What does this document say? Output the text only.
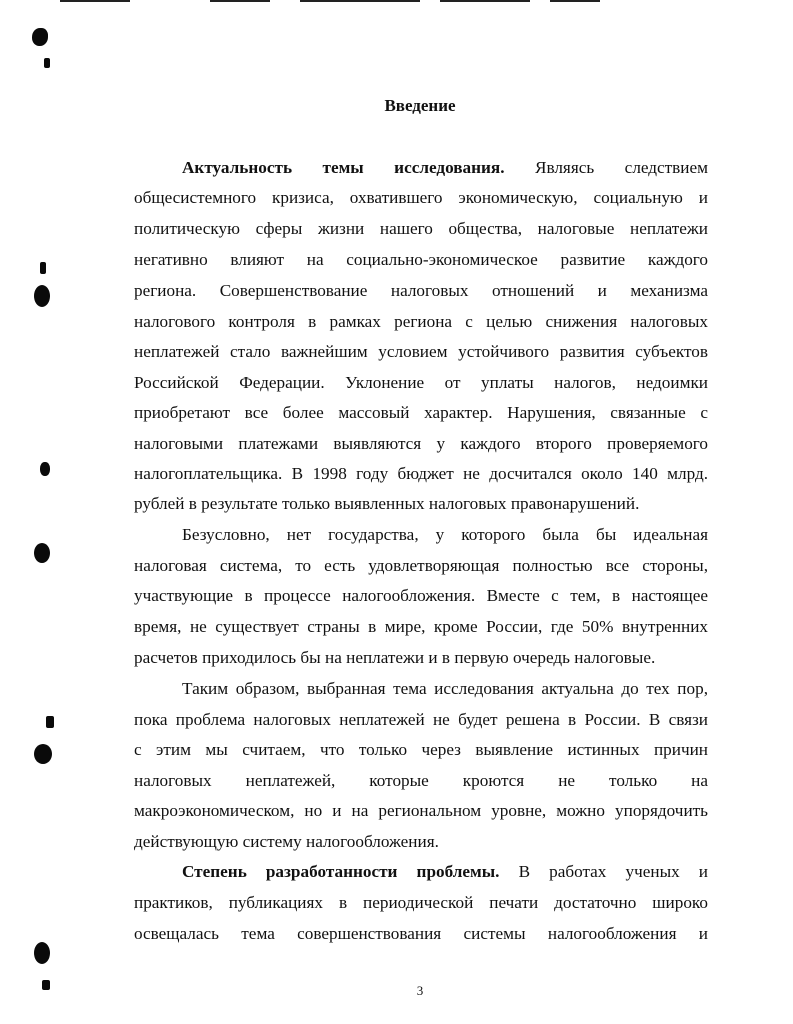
Введение
Актуальность темы исследования. Являясь следствием
общесистемного кризиса, охватившего экономическую, социальную и
политическую сферы жизни нашего общества, налоговые неплатежи
негативно влияют на социально-экономическое развитие каждого
региона. Совершенствование налоговых отношений и механизма
налогового контроля в рамках региона с целью снижения налоговых
неплатежей стало важнейшим условием устойчивого развития субъектов
Российской Федерации. Уклонение от уплаты налогов, недоимки
приобретают все более массовый характер. Нарушения, связанные с
налоговыми платежами выявляются у каждого второго проверяемого
налогоплательщика. В 1998 году бюджет не досчитался около 140 млрд.
рублей в результате только выявленных налоговых правонарушений.
Безусловно, нет государства, у которого была бы идеальная
налоговая система, то есть удовлетворяющая полностью все стороны,
участвующие в процессе налогообложения. Вместе с тем, в настоящее
время, не существует страны в мире, кроме России, где 50% внутренних
расчетов приходилось бы на неплатежи и в первую очередь налоговые.
Таким образом, выбранная тема исследования актуальна до тех пор,
пока проблема налоговых неплатежей не будет решена в России. В связи
с этим мы считаем, что только через выявление истинных причин
налоговых неплатежей, которые кроются не только на
макроэкономическом, но и на региональном уровне, можно упорядочить
действующую систему налогообложения.
Степень разработанности проблемы. В работах ученых и
практиков, публикациях в периодической печати достаточно широко
освещалась тема совершенствования системы налогообложения и
3
